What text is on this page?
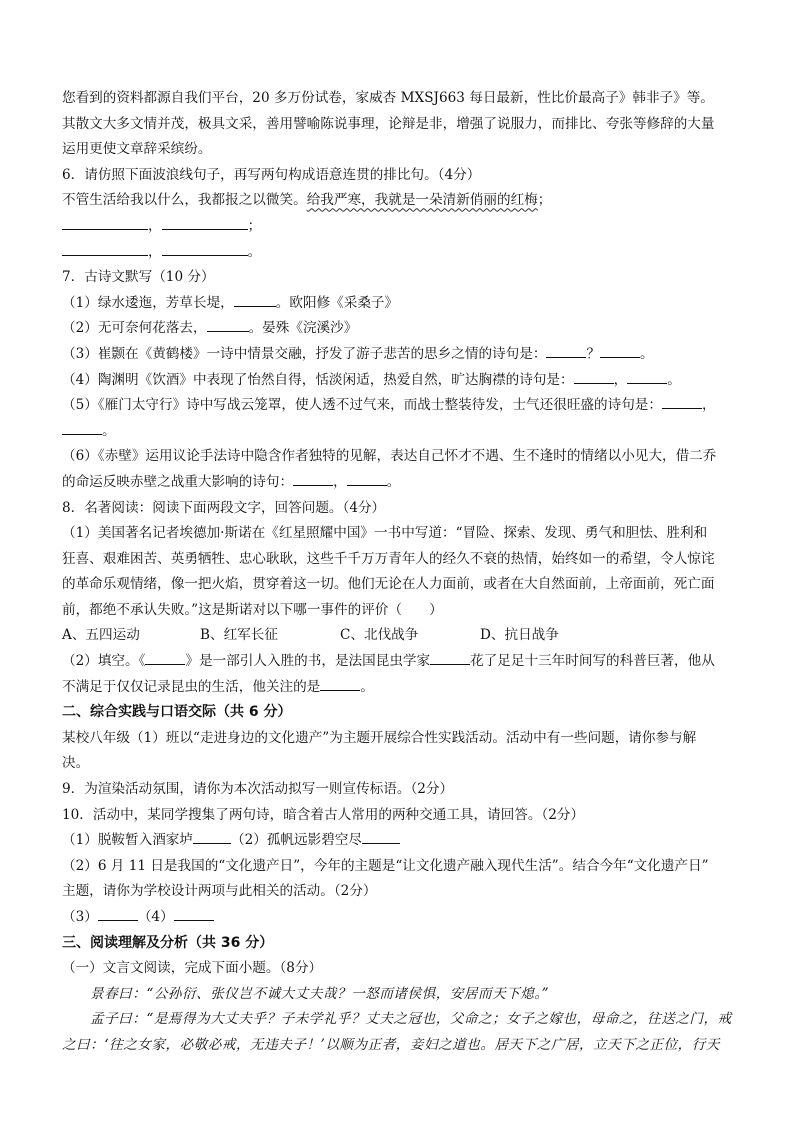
您看到的资料都源自我们平台，20 多万份试卷，家威杏 MXSJ663 每日最新，性比价最高子》韩非子》等。
其散文大多文情并茂，极具文采，善用譬喻陈说事理，论辩是非，增强了说服力，而排比、夸张等修辞的大量
运用更使文章辞采缤纷。
6．请仿照下面波浪线句子，再写两句构成语意连贯的排比句。（4分）
不管生活给我以什么，我都报之以微笑。给我严寒，我就是一朵清新俏丽的红梅；
，	；
，	。
7．古诗文默写（10 分）
（1）绿水逶迤，芳草长堤，	。欧阳修《采桑子》
（2）无可奈何花落去，	。晏殊《浣溪沙》
（3）崔颢在《黄鹤楼》一诗中情景交融，抒发了游子悲苦的思乡之情的诗句是：	？	。
（4）陶渊明《饮酒》中表现了怡然自得，恬淡闲适，热爱自然，旷达胸襟的诗句是：	，	。
（5）《雁门太守行》诗中写战云笼罩，使人透不过气来，而战士整装待发，士气还很旺盛的诗句是：	，
。
（6）《赤壁》运用议论手法诗中隐含作者独特的见解，表达自己怀才不遇、生不逢时的情绪以小见大，借二乔
的命运反映赤壁之战重大影响的诗句：	，	。
8．名著阅读：阅读下面两段文字，回答问题。（4分）
（1）美国著名记者埃德加·斯诺在《红星照耀中国》一书中写道：“冒险、探索、发现、勇气和胆怯、胜利和
狂喜、艰难困苦、英勇牺牲、忠心耿耿，这些千千万万青年人的经久不衰的热情，始终如一的希望，令人惊诧
的革命乐观情绪，像一把火焰，贯穿着这一切。他们无论在人力面前，或者在大自然面前，上帝面前，死亡面
前，都绝不承认失败。”这是斯诺对以下哪一事件的评价（　　）
A、五四运动	B、红军长征	C、北伐战争	D、抗日战争
（2）填空。《	》是一部引人入胜的书，是法国昆虫学家	花了足足十三年时间写的科普巨著，他从
不满足于仅仅记录昆虫的生活，他关注的是	。
二、综合实践与口语交际（共 6 分）
某校八年级（1）班以“走进身边的文化遗产”为主题开展综合性实践活动。活动中有一些问题，请你参与解
决。
9．为渲染活动氛围，请你为本次活动拟写一则宣传标语。（2分）
10．活动中，某同学搜集了两句诗，暗含着古人常用的两种交通工具，请回答。（2分）
（1）脱鞍暂入酒家垆	（2）孤帆远影碧空尽
（2）6 月 11 日是我国的“文化遗产日”，今年的主题是“让文化遗产融入现代生活”。结合今年“文化遗产日”
主题，请你为学校设计两项与此相关的活动。（2分）
（3）	（4）
三、阅读理解及分析（共 36 分）
（一）文言文阅读，完成下面小题。（8分）
景春曰：“公孙衍、张仪岂不诚大丈夫哉？一怒而诸侯惧，安居而天下熄。”
孟子曰：“是焉得为大丈夫乎？子未学礼乎？丈夫之冠也，父命之；女子之嫁也，母命之，往送之门，戒
之曰：‘往之女家，必敬必戒，无违夫子！’以顺为正者，妾妇之道也。居天下之广居，立天下之正位，行天
